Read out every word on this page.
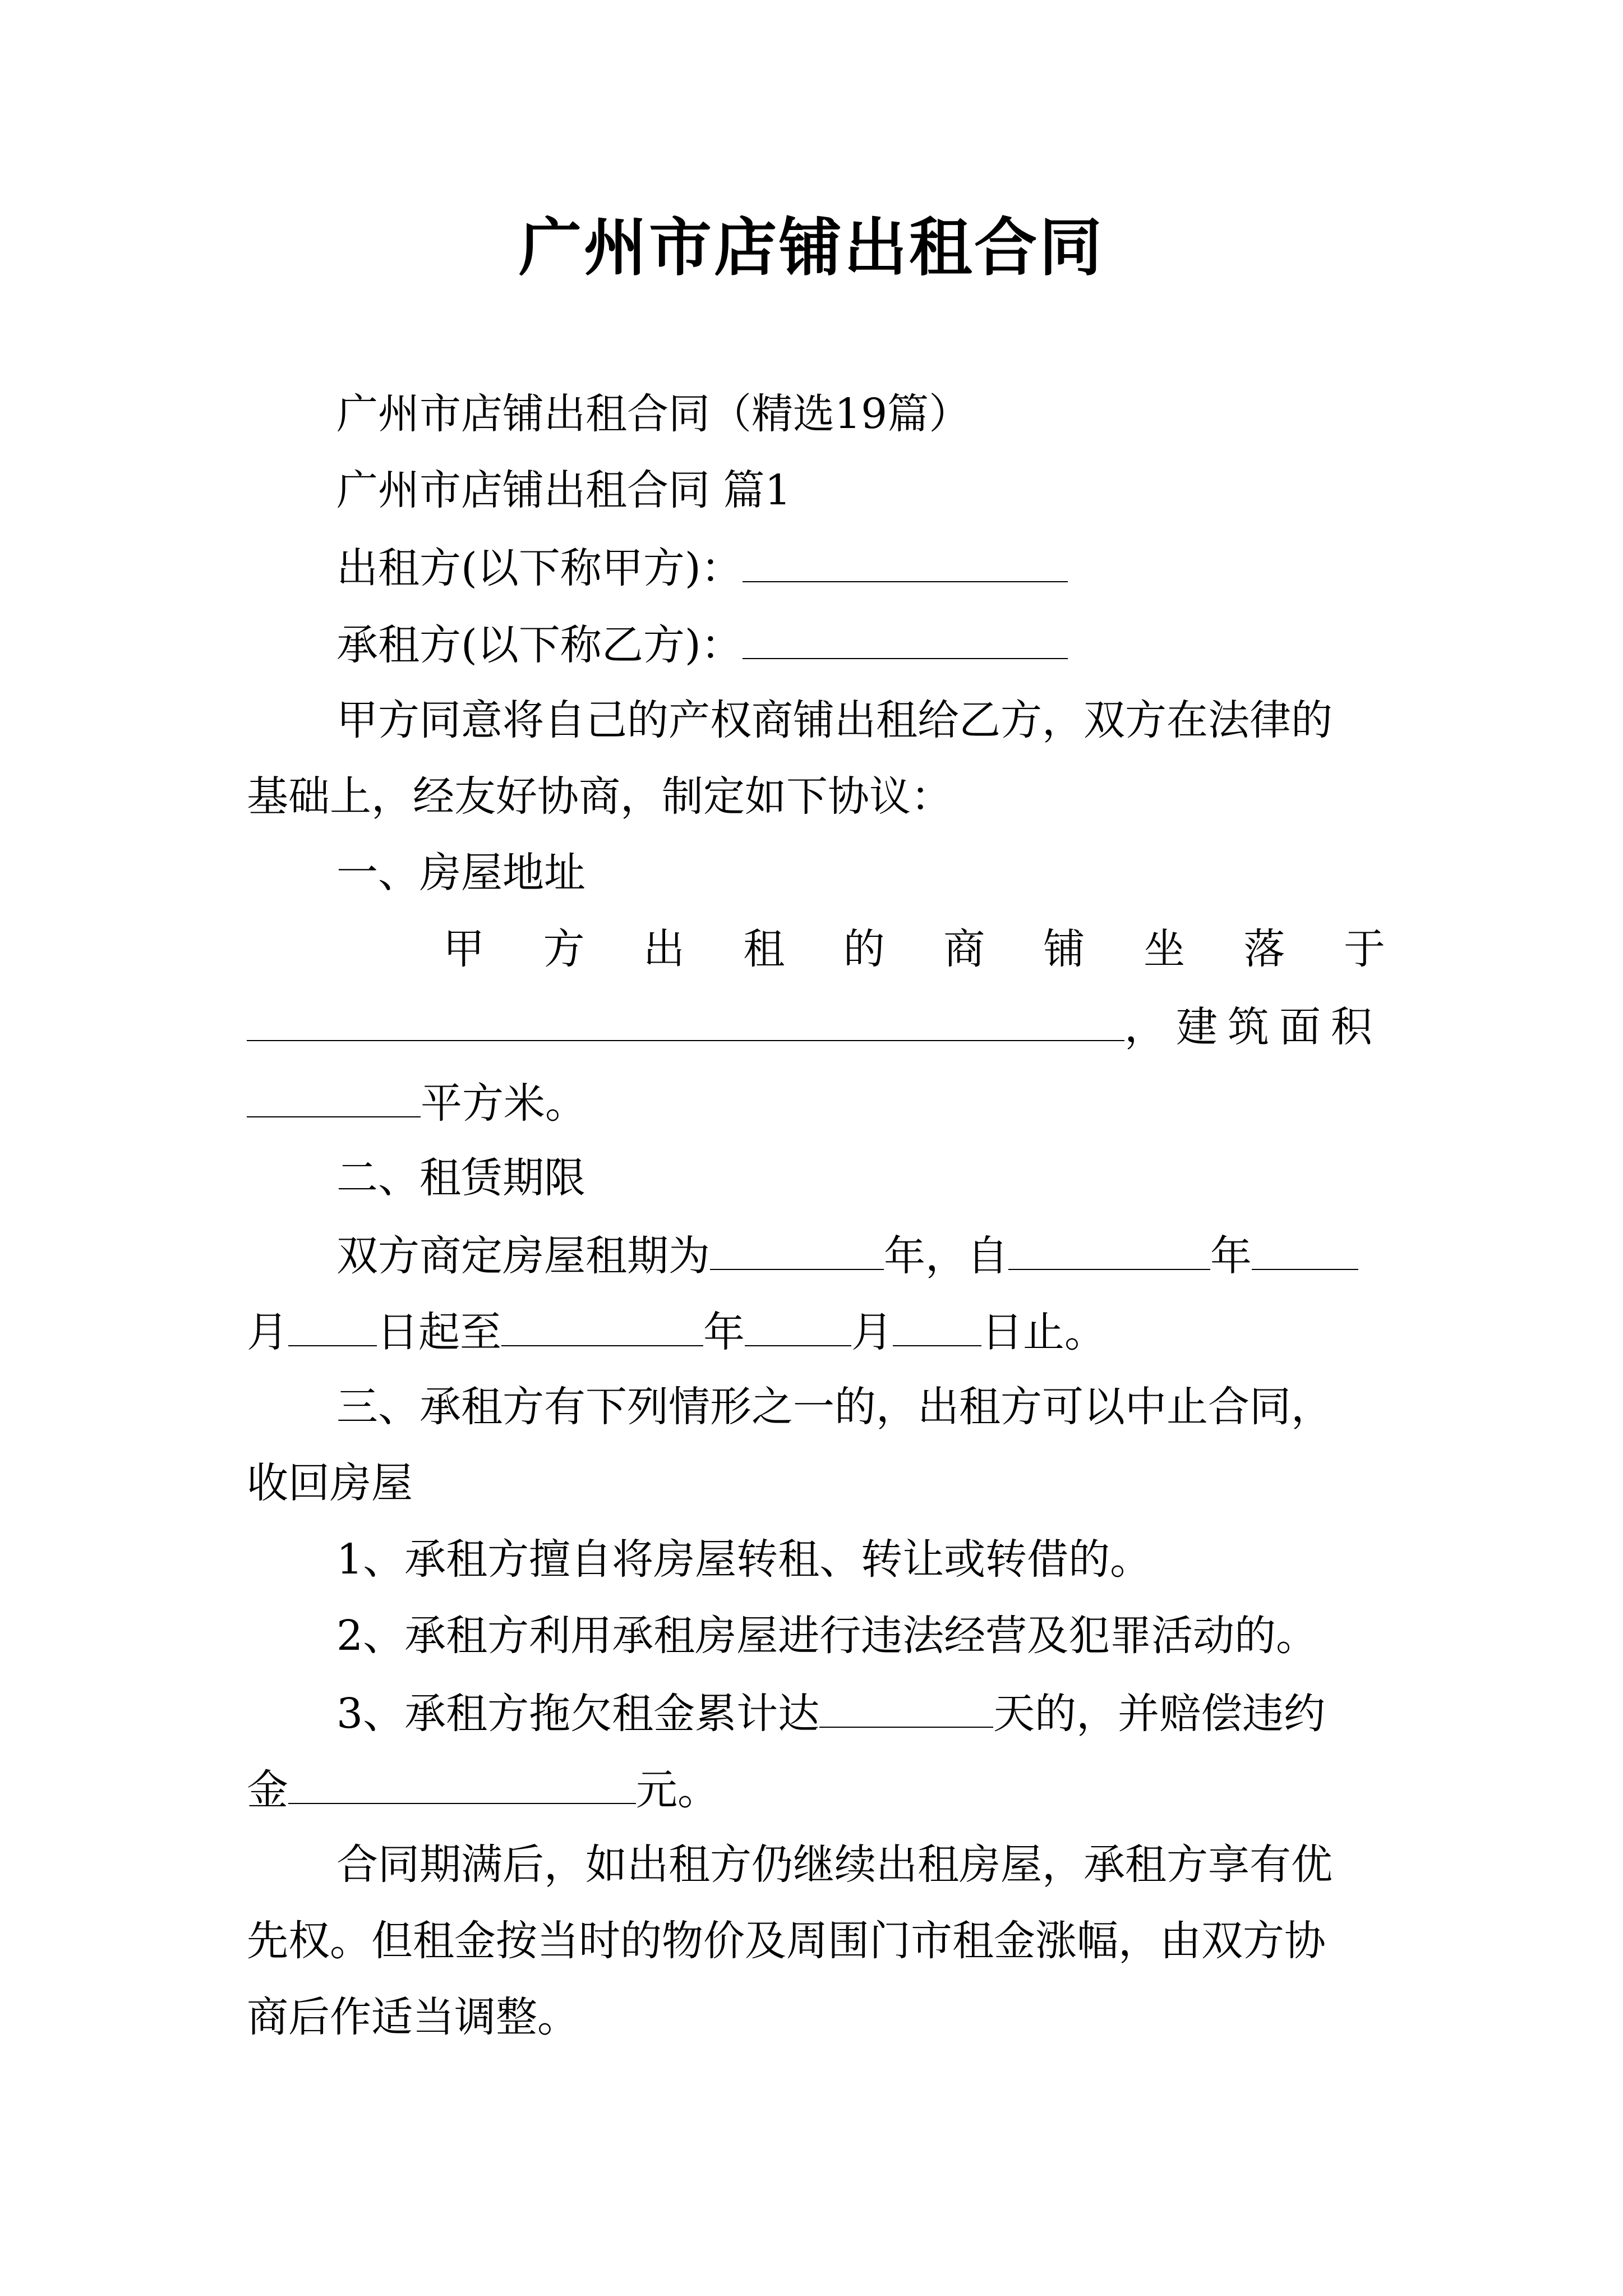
广州市店铺出租合同
广州市店铺出租合同（精选19篇）
广州市店铺出租合同 篇1
出租方(以下称甲方)：
承租方(以下称乙方)：
甲方同意将自己的产权商铺出租给乙方，双方在法律的
基础上，经友好协商，制定如下协议：
一、房屋地址
甲 方 出 租 的 商 铺 坐 落 于
，建筑面积
平方米。
二、租赁期限
双方商定房屋租期为	年，自	年
月 日起至	年	月 日止。
三、承租方有下列情形之一的，出租方可以中止合同，
收回房屋
1、承租方擅自将房屋转租、转让或转借的。
2、承租方利用承租房屋进行违法经营及犯罪活动的。
3、承租方拖欠租金累计达	天的，并赔偿违约
金	元。
合同期满后，如出租方仍继续出租房屋，承租方享有优
先权。但租金按当时的物价及周围门市租金涨幅，由双方协
商后作适当调整。
